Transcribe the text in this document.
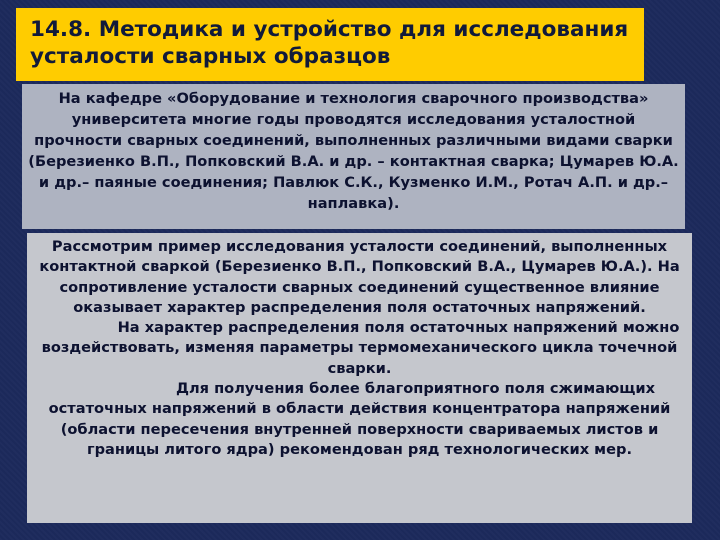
14.8. Методика и устройство для исследования
усталости сварных образцов

На кафедре «Оборудование и технология сварочного производства» университета многие годы проводятся исследования усталостной прочности сварных соединений, выполненных различными видами сварки (Березиенко В.П., Попковский В.А. и др. – контактная сварка; Цумарев Ю.А. и др.– паяные соединения; Павлюк С.К., Кузменко И.М., Ротач А.П. и др.– наплавка).

Рассмотрим пример исследования усталости соединений, выполненных контактной сваркой (Березиенко В.П., Попковский В.А., Цумарев Ю.А.). На сопротивление усталости сварных соединений существенное влияние оказывает характер распределения поля остаточных напряжений.

На характер распределения поля остаточных напряжений можно воздействовать, изменяя параметры термомеханического цикла точечной сварки.

Для получения более благоприятного поля сжимающих остаточных напряжений в области действия концентратора напряжений (области пересечения внутренней поверхности свариваемых листов и границы литого ядра) рекомендован ряд технологических мер.
